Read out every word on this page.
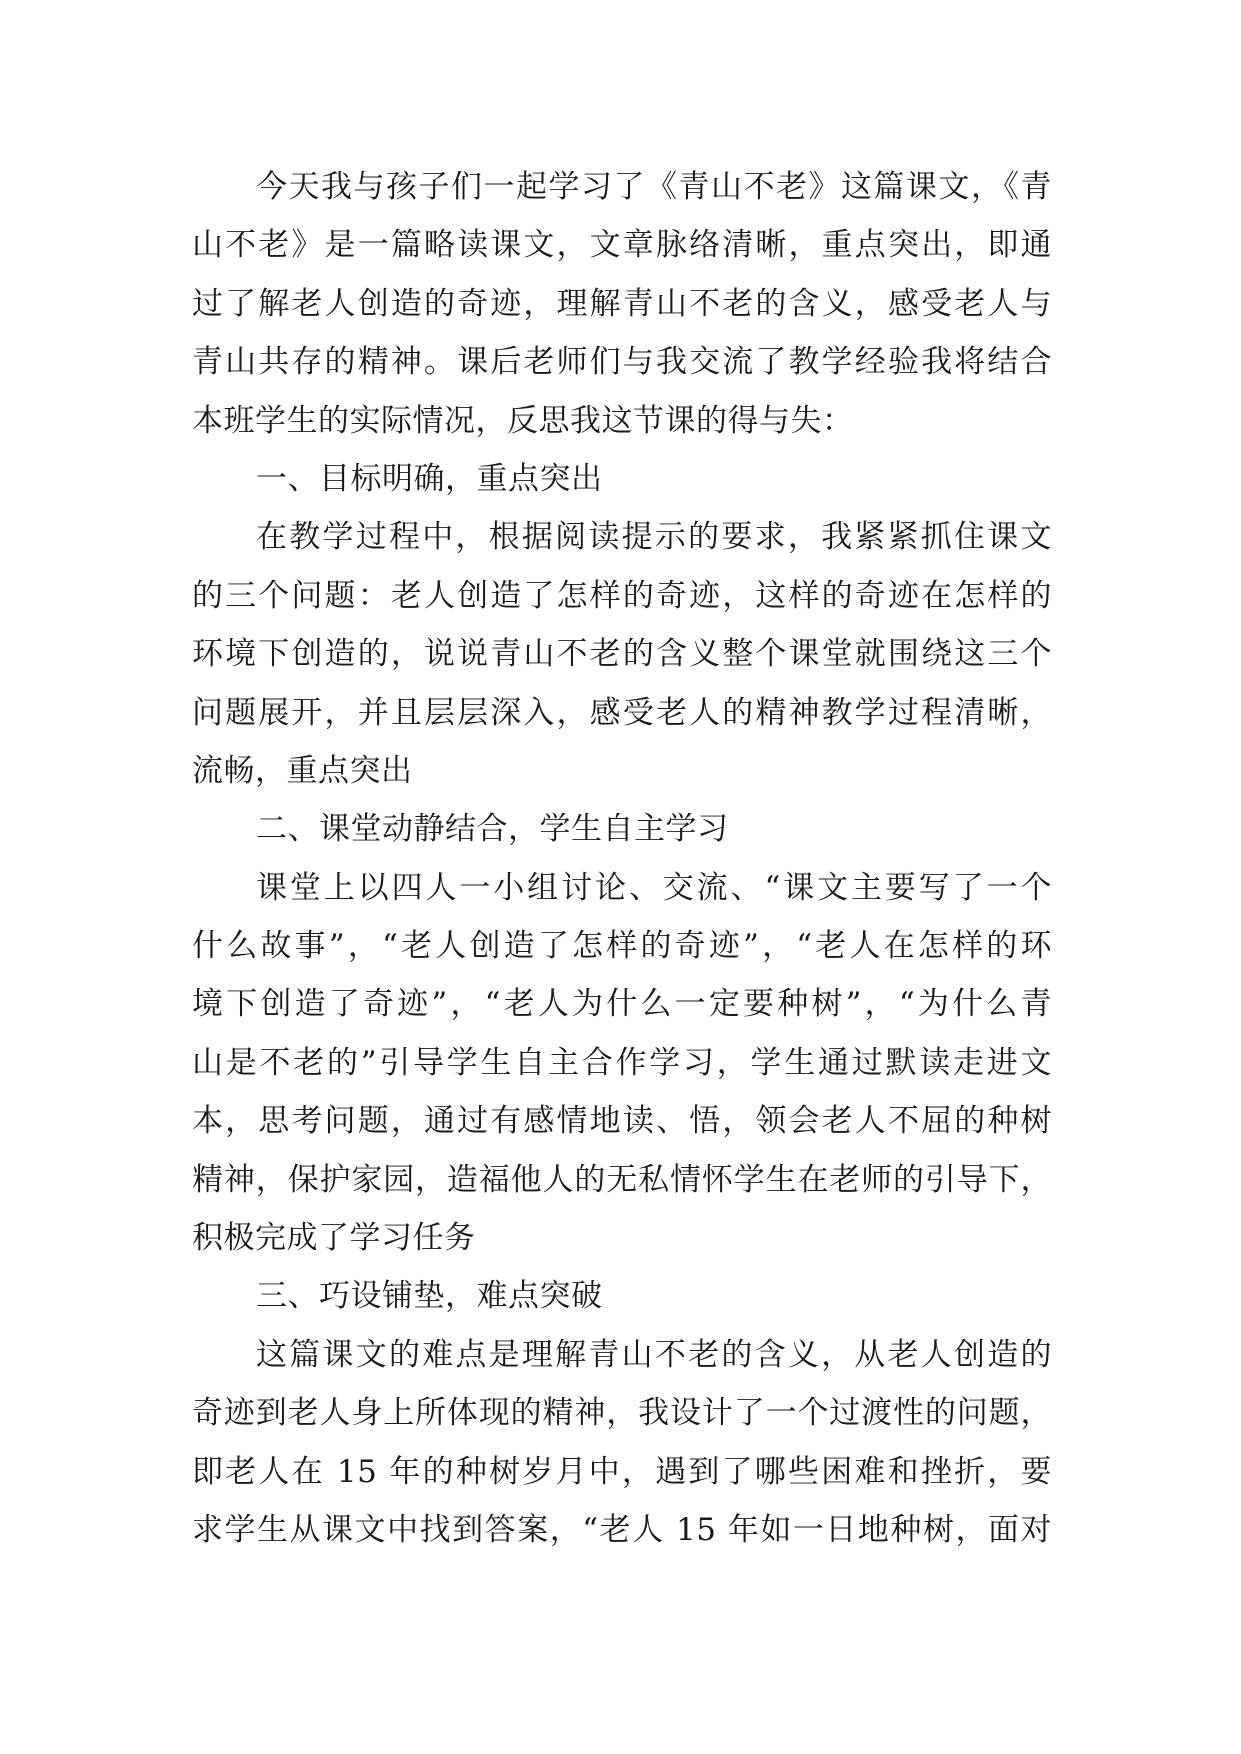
今天我与孩子们一起学习了《青山不老》这篇课文，《青
山不老》是一篇略读课文，文章脉络清晰，重点突出，即通
过了解老人创造的奇迹，理解青山不老的含义，感受老人与
青山共存的精神。课后老师们与我交流了教学经验我将结合
本班学生的实际情况，反思我这节课的得与失：
一、目标明确，重点突出
在教学过程中，根据阅读提示的要求，我紧紧抓住课文
的三个问题：老人创造了怎样的奇迹，这样的奇迹在怎样的
环境下创造的，说说青山不老的含义整个课堂就围绕这三个
问题展开，并且层层深入，感受老人的精神教学过程清晰，
流畅，重点突出
二、课堂动静结合，学生自主学习
课堂上以四人一小组讨论、交流、“课文主要写了一个
什么故事”，“老人创造了怎样的奇迹”，“老人在怎样的环
境下创造了奇迹”，“老人为什么一定要种树”，“为什么青
山是不老的”引导学生自主合作学习，学生通过默读走进文
本，思考问题，通过有感情地读、悟，领会老人不屈的种树
精神，保护家园，造福他人的无私情怀学生在老师的引导下，
积极完成了学习任务
三、巧设铺垫，难点突破
这篇课文的难点是理解青山不老的含义，从老人创造的
奇迹到老人身上所体现的精神，我设计了一个过渡性的问题，
即老人在 15 年的种树岁月中，遇到了哪些困难和挫折，要
求学生从课文中找到答案，“老人 15 年如一日地种树，面对
